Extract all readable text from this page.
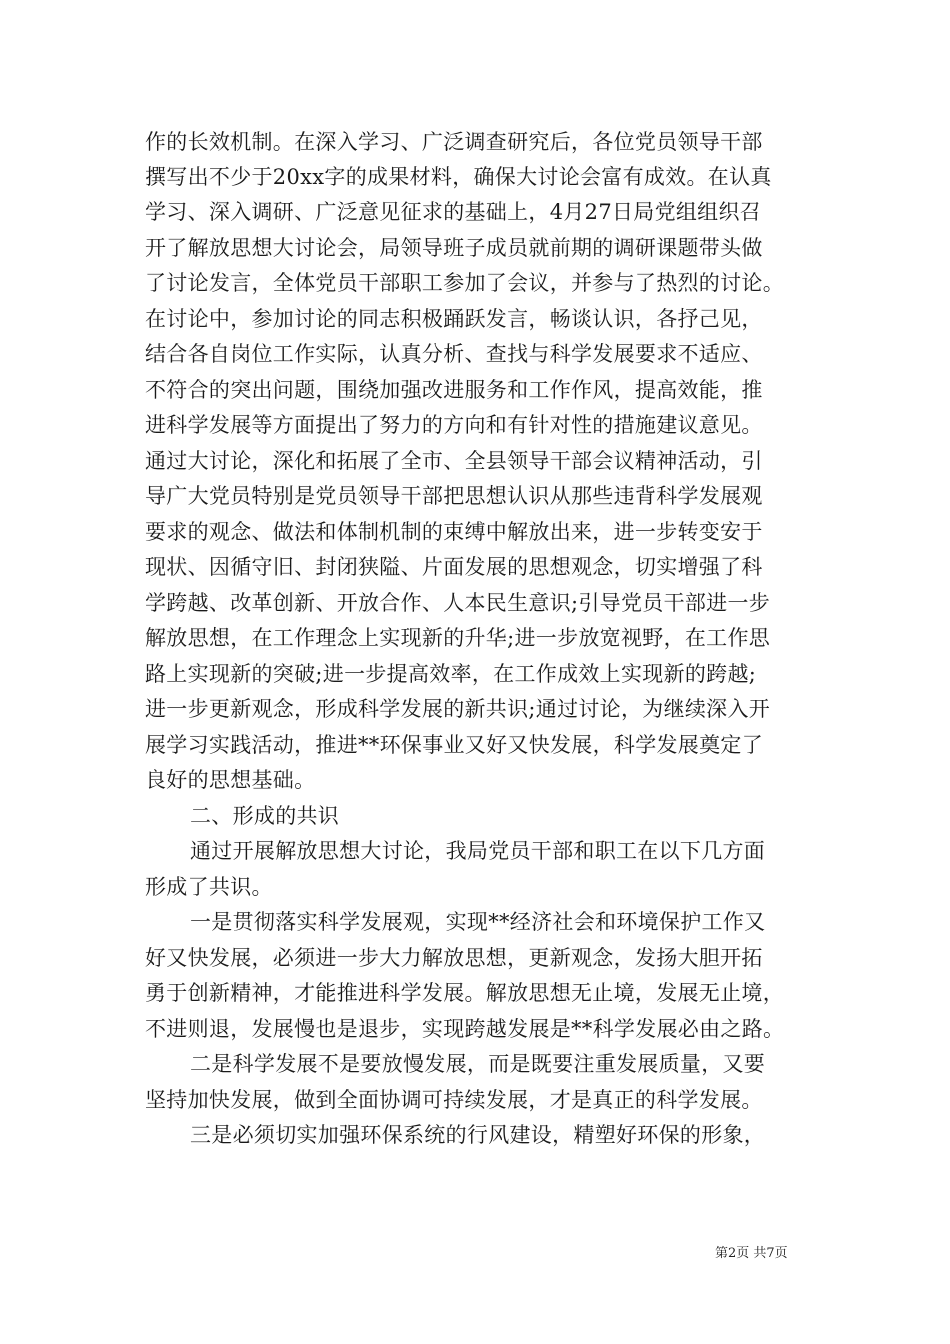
作的长效机制。在深入学习、广泛调查研究后，各位党员领导干部
撰写出不少于20xx字的成果材料，确保大讨论会富有成效。在认真
学习、深入调研、广泛意见征求的基础上，4月27日局党组组织召
开了解放思想大讨论会，局领导班子成员就前期的调研课题带头做
了讨论发言，全体党员干部职工参加了会议，并参与了热烈的讨论。
在讨论中，参加讨论的同志积极踊跃发言，畅谈认识，各抒己见，
结合各自岗位工作实际，认真分析、查找与科学发展要求不适应、
不符合的突出问题，围绕加强改进服务和工作作风，提高效能，推
进科学发展等方面提出了努力的方向和有针对性的措施建议意见。
通过大讨论，深化和拓展了全市、全县领导干部会议精神活动，引
导广大党员特别是党员领导干部把思想认识从那些违背科学发展观
要求的观念、做法和体制机制的束缚中解放出来，进一步转变安于
现状、因循守旧、封闭狭隘、片面发展的思想观念，切实增强了科
学跨越、改革创新、开放合作、人本民生意识;引导党员干部进一步
解放思想，在工作理念上实现新的升华;进一步放宽视野，在工作思
路上实现新的突破;进一步提高效率，在工作成效上实现新的跨越;
进一步更新观念，形成科学发展的新共识;通过讨论，为继续深入开
展学习实践活动，推进**环保事业又好又快发展，科学发展奠定了
良好的思想基础。
二、形成的共识
通过开展解放思想大讨论，我局党员干部和职工在以下几方面
形成了共识。
一是贯彻落实科学发展观，实现**经济社会和环境保护工作又
好又快发展，必须进一步大力解放思想，更新观念，发扬大胆开拓
勇于创新精神，才能推进科学发展。解放思想无止境，发展无止境，
不进则退，发展慢也是退步，实现跨越发展是**科学发展必由之路。
二是科学发展不是要放慢发展，而是既要注重发展质量，又要
坚持加快发展，做到全面协调可持续发展，才是真正的科学发展。
三是必须切实加强环保系统的行风建设，精塑好环保的形象，
第2页 共7页
